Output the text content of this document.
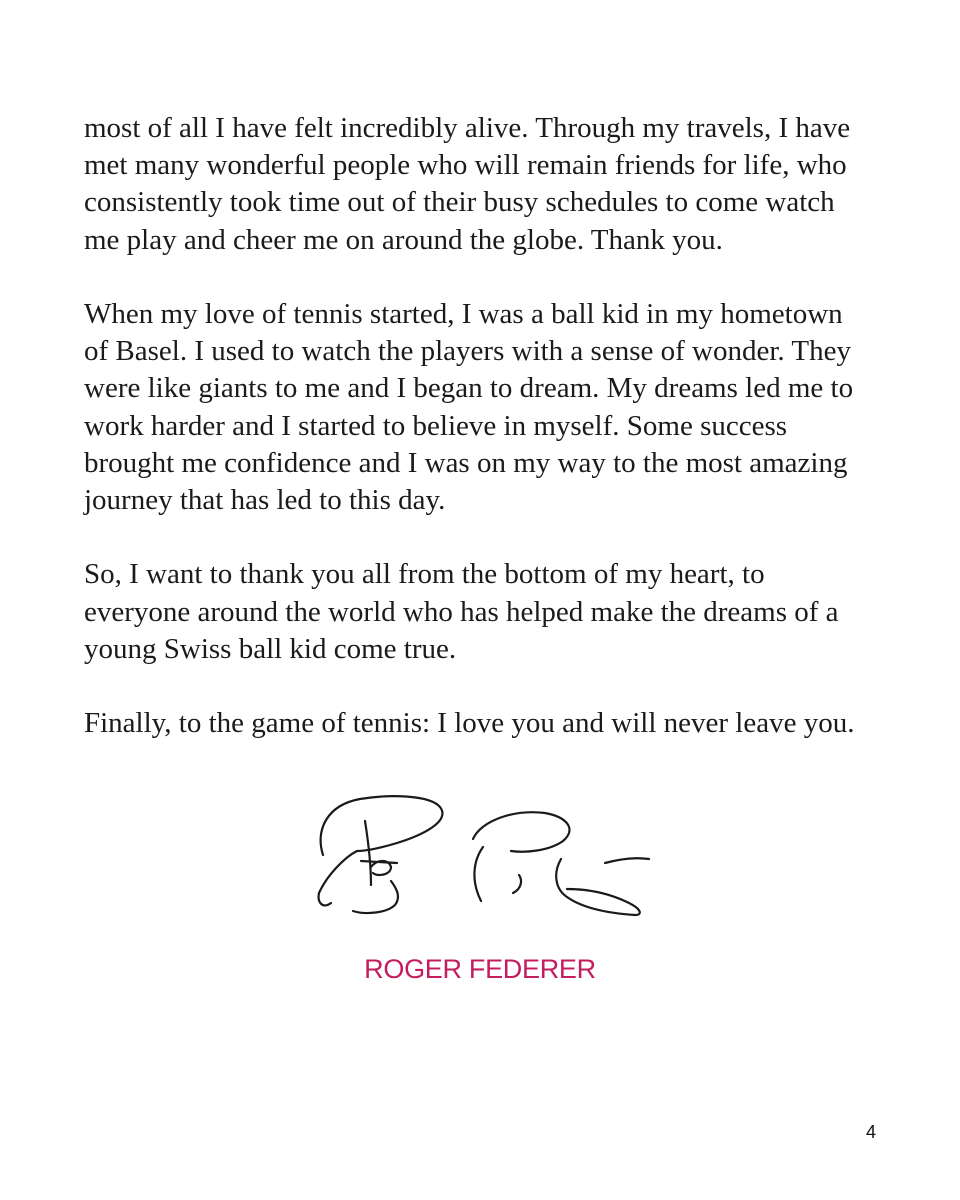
most of all I have felt incredibly alive. Through my travels, I have
met many wonderful people who will remain friends for life, who
consistently took time out of their busy schedules to come watch
me play and cheer me on around the globe. Thank you.

When my love of tennis started, I was a ball kid in my hometown
of Basel. I used to watch the players with a sense of wonder. They
were like giants to me and I began to dream. My dreams led me to
work harder and I started to believe in myself. Some success
brought me confidence and I was on my way to the most amazing
journey that has led to this day.

So, I want to thank you all from the bottom of my heart, to
everyone around the world who has helped make the dreams of a
young Swiss ball kid come true.

Finally, to the game of tennis: I love you and will never leave you.

ROGER FEDERER
4
